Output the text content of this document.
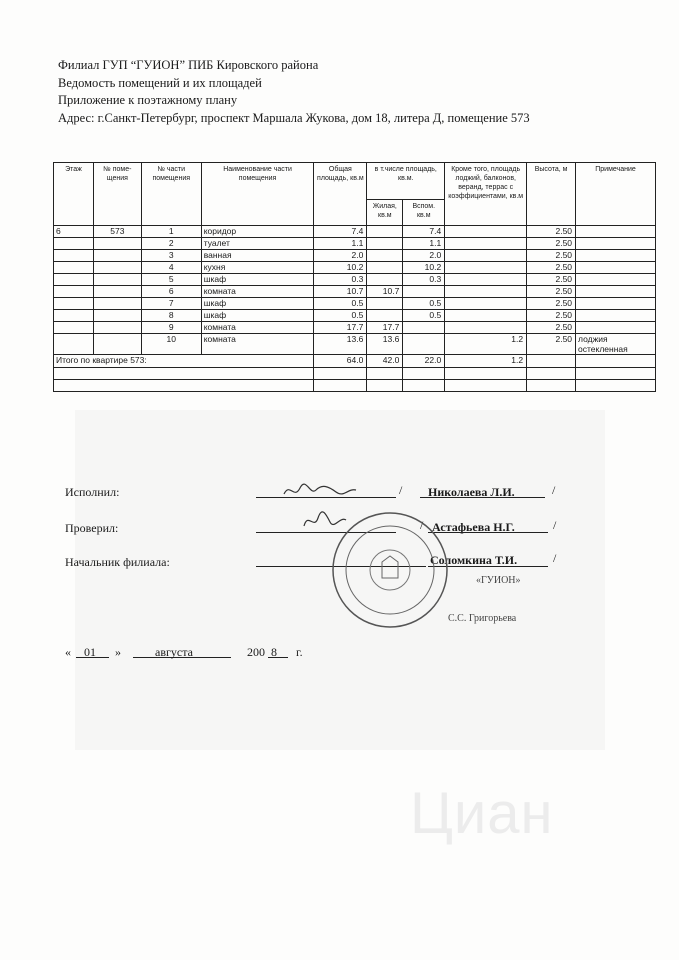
Филиал ГУП “ГУИОН” ПИБ Кировского района
Ведомость помещений и их площадей
Приложение к поэтажному плану
Адрес: г.Санкт-Петербург, проспект Маршала Жукова, дом 18, литера Д, помещение 573
Этаж	№ поме-щения	№ части помещения	Наименование части помещения	Общая площадь, кв.м	в т.числе площадь, кв.м.		Кроме того, площадь лоджий, балконов, веранд, террас с коэффициентами, кв.м	Высота, м	Примечание
					Жилая, кв.м	Вспом. кв.м			
6	573	1	коридор	7.4		7.4		2.50	
		2	туалет	1.1		1.1		2.50	
		3	ванная	2.0		2.0		2.50	
		4	кухня	10.2		10.2		2.50	
		5	шкаф	0.3		0.3		2.50	
		6	комната	10.7	10.7			2.50	
		7	шкаф	0.5		0.5		2.50	
		8	шкаф	0.5		0.5		2.50	
		9	комната	17.7	17.7			2.50	
		10	комната	13.6	13.6		1.2	2.50	лоджия остекленная
Итого по квартире 573:				64.0	42.0	22.0	1.2		

Исполнил:	/ Николаева Л.И.	/
Проверил:	/ Астафьева Н.Г.	/
Начальник филиала:	Соломкина Т.И.	/
«ГУИОН»
С.С. Григорьева
« 01 »	августа	200 8 г.
Циан
